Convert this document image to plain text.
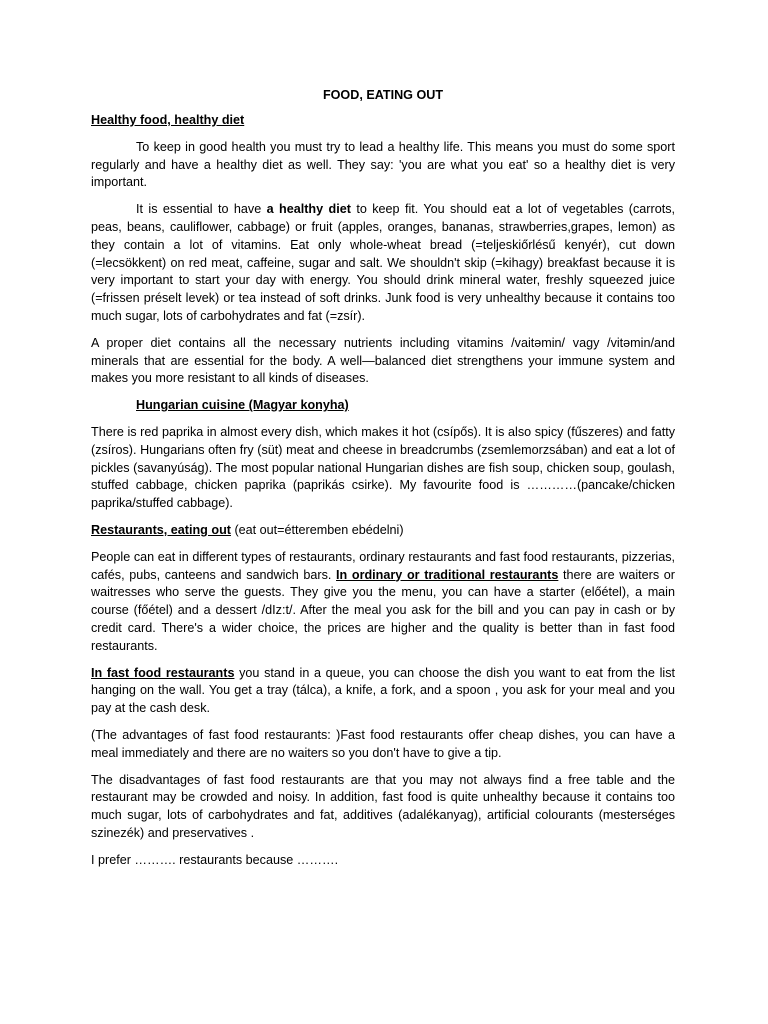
FOOD, EATING OUT

Healthy food, healthy diet

To keep in good health you must try to lead a healthy life. This means you must do some sport regularly and have a healthy diet as well. They say: 'you are what you eat' so a healthy diet is very important.

It is essential to have a healthy diet to keep fit. You should eat a lot of vegetables (carrots, peas, beans, cauliflower, cabbage) or fruit (apples, oranges, bananas, strawberries,grapes, lemon) as they contain a lot of vitamins. Eat only whole-wheat bread (=teljeskiőrlésű kenyér), cut down (=lecsökkent) on red meat, caffeine, sugar and salt. We shouldn't skip (=kihagy) breakfast because it is very important to start your day with energy. You should drink mineral water, freshly squeezed juice (=frissen préselt levek) or tea instead of soft drinks. Junk food is very unhealthy because it contains too much sugar, lots of carbohydrates and fat (=zsír).

A proper diet contains all the necessary nutrients including vitamins /vaitəmin/ vagy /vitəmin/and minerals that are essential for the body. A well—balanced diet strengthens your immune system and makes you more resistant to all kinds of diseases.

Hungarian cuisine (Magyar konyha)

There is red paprika in almost every dish, which makes it hot (csípős). It is also spicy (fűszeres) and fatty (zsíros). Hungarians often fry (süt) meat and cheese in breadcrumbs (zsemlemorzsában) and eat a lot of pickles (savanyúság). The most popular national Hungarian dishes are fish soup, chicken soup, goulash, stuffed cabbage, chicken paprika (paprikás csirke). My favourite food is …………(pancake/chicken paprika/stuffed cabbage).

Restaurants, eating out (eat out=étteremben ebédelni)

People can eat in different types of restaurants, ordinary restaurants and fast food restaurants, pizzerias, cafés, pubs, canteens and sandwich bars. In ordinary or traditional restaurants there are waiters or waitresses who serve the guests. They give you the menu, you can have a starter (előétel), a main course (főétel) and a dessert /dIz:t/. After the meal you ask for the bill and you can pay in cash or by credit card. There's a wider choice, the prices are higher and the quality is better than in fast food restaurants.

In fast food restaurants you stand in a queue, you can choose the dish you want to eat from the list hanging on the wall. You get a tray (tálca), a knife, a fork, and a spoon , you ask for your meal and you pay at the cash desk.

(The advantages of fast food restaurants: )Fast food restaurants offer cheap dishes, you can have a meal immediately and there are no waiters so you don't have to give a tip.

The disadvantages of fast food restaurants are that you may not always find a free table and the restaurant may be crowded and noisy. In addition, fast food is quite unhealthy because it contains too much sugar, lots of carbohydrates and fat, additives (adalékanyag), artificial colourants (mesterséges szinezék) and preservatives .

I prefer ………. restaurants because ……….
